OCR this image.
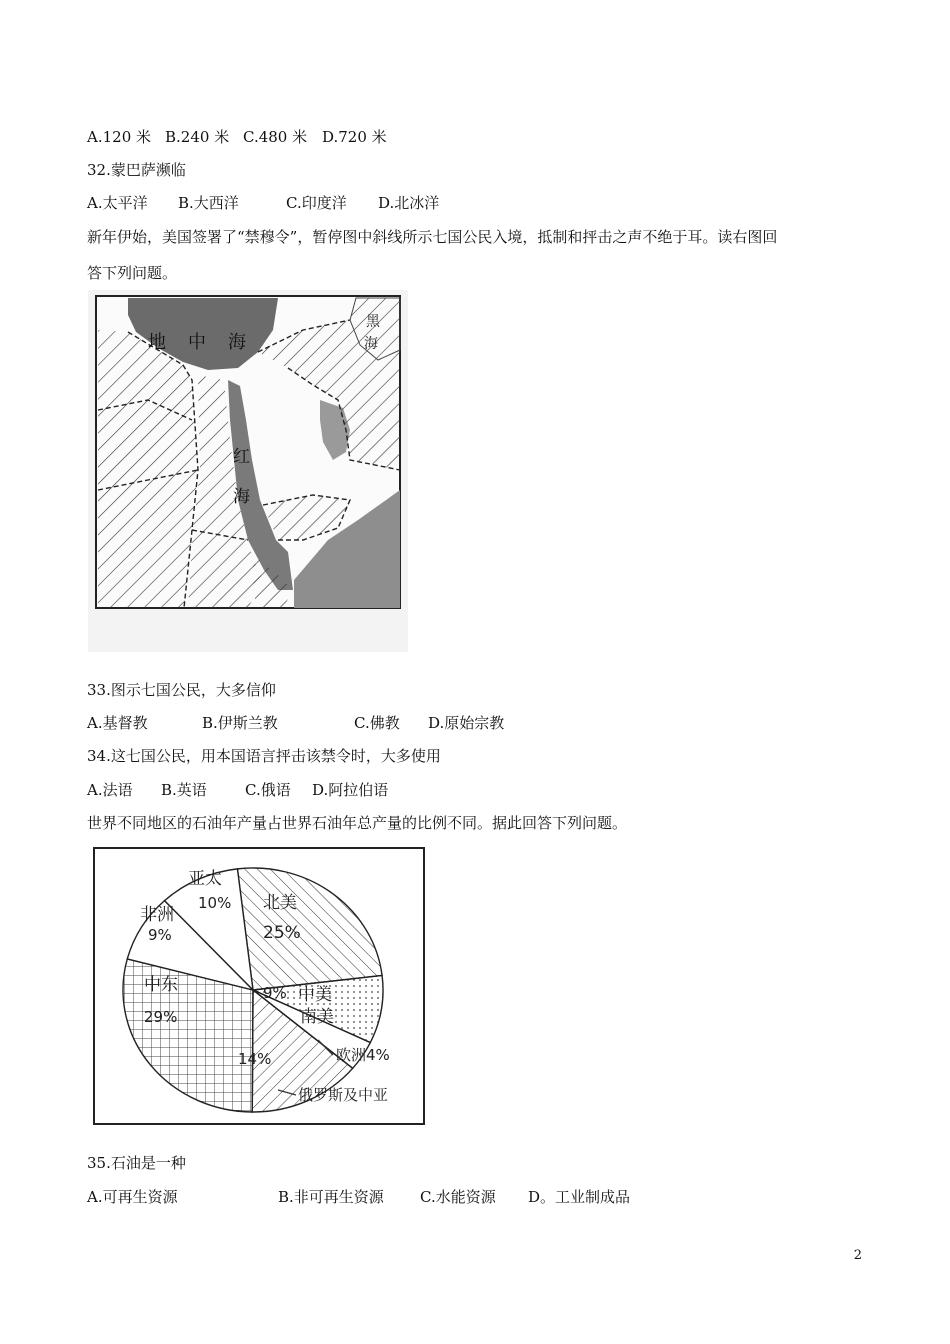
A.120 米

B.240 米

C.480 米

D.720 米

32.蒙巴萨濒临

A.太平洋

B.大西洋

	C.印度洋

D.北冰洋

新年伊始，美国签署了“禁穆令”，暂停图中斜线所示七国公民入境，抵制和抨击之声不绝于耳。读右图回
答下列问题。
地 中 海
红
海
黑
海
33.图示七国公民，大多信仰

A.基督教

	B.伊斯兰教

	C.佛教

D.原始宗教

34.这七国公民，用本国语言抨击该禁令时，大多使用

A.法语

B.英语

	C.俄语

D.阿拉伯语

世界不同地区的石油年产量占世界石油年总产量的比例不同。据此回答下列问题。
北美
25%
9% 中美
南美
欧洲4%
14%
俄罗斯及中亚
中东
29%
非洲
9%
亚太
10%
35.石油是一种

A.可再生资源

	B.非可再生资源

C.水能资源

D。工业制成品

2
